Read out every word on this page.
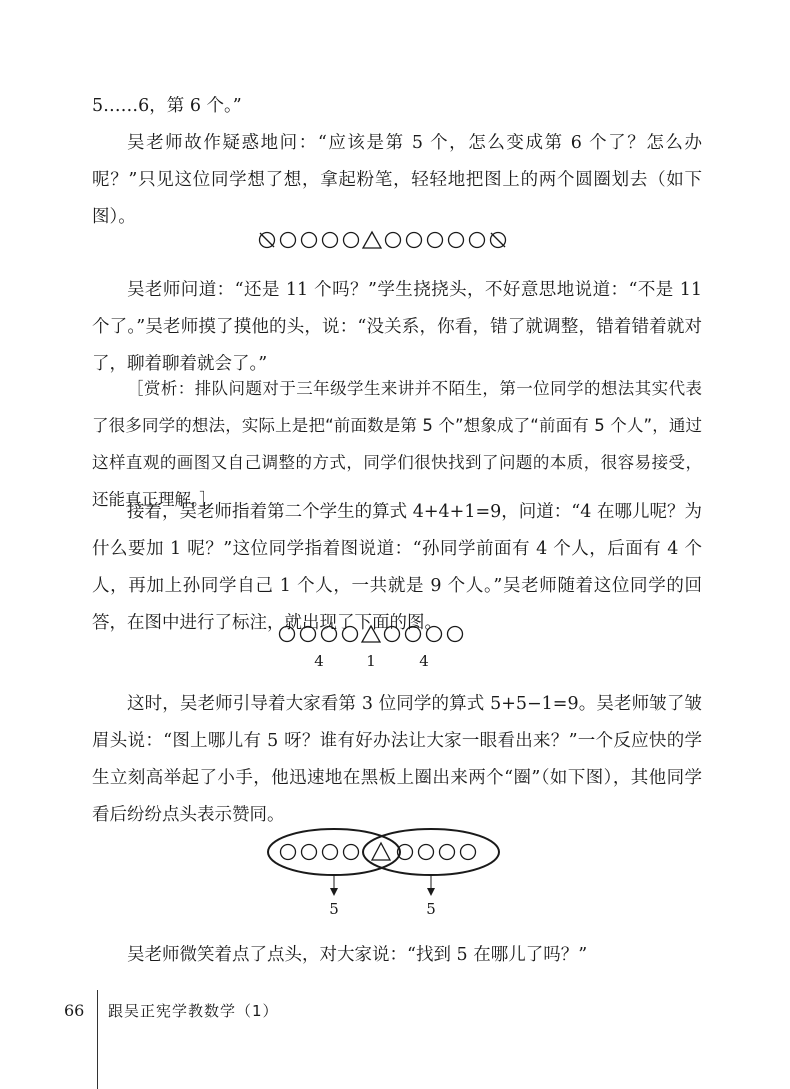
5……6，第 6 个。”

吴老师故作疑惑地问：“应该是第 5 个，怎么变成第 6 个了？怎么办呢？”只见这位同学想了想，拿起粉笔，轻轻地把图上的两个圆圈划去（如下图）。

吴老师问道：“还是 11 个吗？”学生挠挠头，不好意思地说道：“不是 11 个了。”吴老师摸了摸他的头，说：“没关系，你看，错了就调整，错着错着就对了，聊着聊着就会了。”

［赏析：排队问题对于三年级学生来讲并不陌生，第一位同学的想法其实代表了很多同学的想法，实际上是把“前面数是第 5 个”想象成了“前面有 5 个人”，通过这样直观的画图又自己调整的方式，同学们很快找到了问题的本质，很容易接受，还能真正理解。］

接着，吴老师指着第二个学生的算式 4+4+1=9，问道：“4 在哪儿呢？为什么要加 1 呢？”这位同学指着图说道：“孙同学前面有 4 个人，后面有 4 个人，再加上孙同学自己 1 个人，一共就是 9 个人。”吴老师随着这位同学的回答，在图中进行了标注，就出现了下面的图。

4	1	4

这时，吴老师引导着大家看第 3 位同学的算式 5+5−1=9。吴老师皱了皱眉头说：“图上哪儿有 5 呀？谁有好办法让大家一眼看出来？”一个反应快的学生立刻高举起了小手，他迅速地在黑板上圈出来两个“圈”（如下图），其他同学看后纷纷点头表示赞同。

5	5

吴老师微笑着点了点头，对大家说：“找到 5 在哪儿了吗？”

66 跟吴正宪学教数学（1）
